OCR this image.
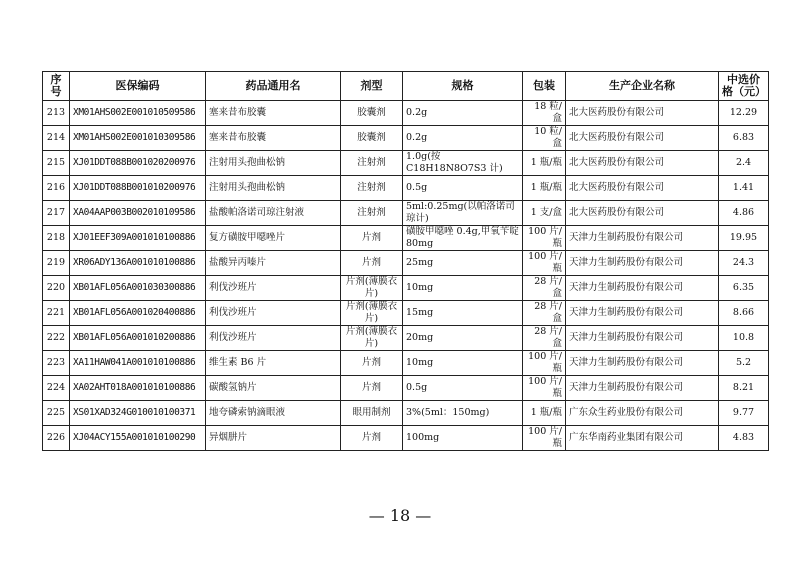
序号	医保编码	药品通用名	剂型	规格	包装	生产企业名称	中选价格（元）
213	XM01AHS002E001010509586	塞来昔布胶囊	胶囊剂	0.2g	18 粒/盒	北大医药股份有限公司	12.29
214	XM01AHS002E001010309586	塞来昔布胶囊	胶囊剂	0.2g	10 粒/盒	北大医药股份有限公司	6.83
215	XJ01DDT088B001020200976	注射用头孢曲松钠	注射剂	1.0g(按 C18H18N8O7S3 计)	1 瓶/瓶	北大医药股份有限公司	2.4
216	XJ01DDT088B001010200976	注射用头孢曲松钠	注射剂	0.5g	1 瓶/瓶	北大医药股份有限公司	1.41
217	XA04AAP003B002010109586	盐酸帕洛诺司琼注射液	注射剂	5ml:0.25mg(以帕洛诺司琼计)	1 支/盒	北大医药股份有限公司	4.86
218	XJ01EEF309A001010100886	复方磺胺甲噁唑片	片剂	磺胺甲噁唑 0.4g,甲氧苄啶 80mg	100 片/瓶	天津力生制药股份有限公司	19.95
219	XR06ADY136A001010100886	盐酸异丙嗪片	片剂	25mg	100 片/瓶	天津力生制药股份有限公司	24.3
220	XB01AFL056A001030300886	利伐沙班片	片剂(薄膜衣片)	10mg	28 片/盒	天津力生制药股份有限公司	6.35
221	XB01AFL056A001020400886	利伐沙班片	片剂(薄膜衣片)	15mg	28 片/盒	天津力生制药股份有限公司	8.66
222	XB01AFL056A001010200886	利伐沙班片	片剂(薄膜衣片)	20mg	28 片/盒	天津力生制药股份有限公司	10.8
223	XA11HAW041A001010100886	维生素 B6 片	片剂	10mg	100 片/瓶	天津力生制药股份有限公司	5.2
224	XA02AHT018A001010100886	碳酸氢钠片	片剂	0.5g	100 片/瓶	天津力生制药股份有限公司	8.21
225	XS01XAD324G010010100371	地夸磷索钠滴眼液	眼用制剂	3%(5ml：150mg)	1 瓶/瓶	广东众生药业股份有限公司	9.77
226	XJ04ACY155A001010100290	异烟肼片	片剂	100mg	100 片/瓶	广东华南药业集团有限公司	4.83
— 18 —
